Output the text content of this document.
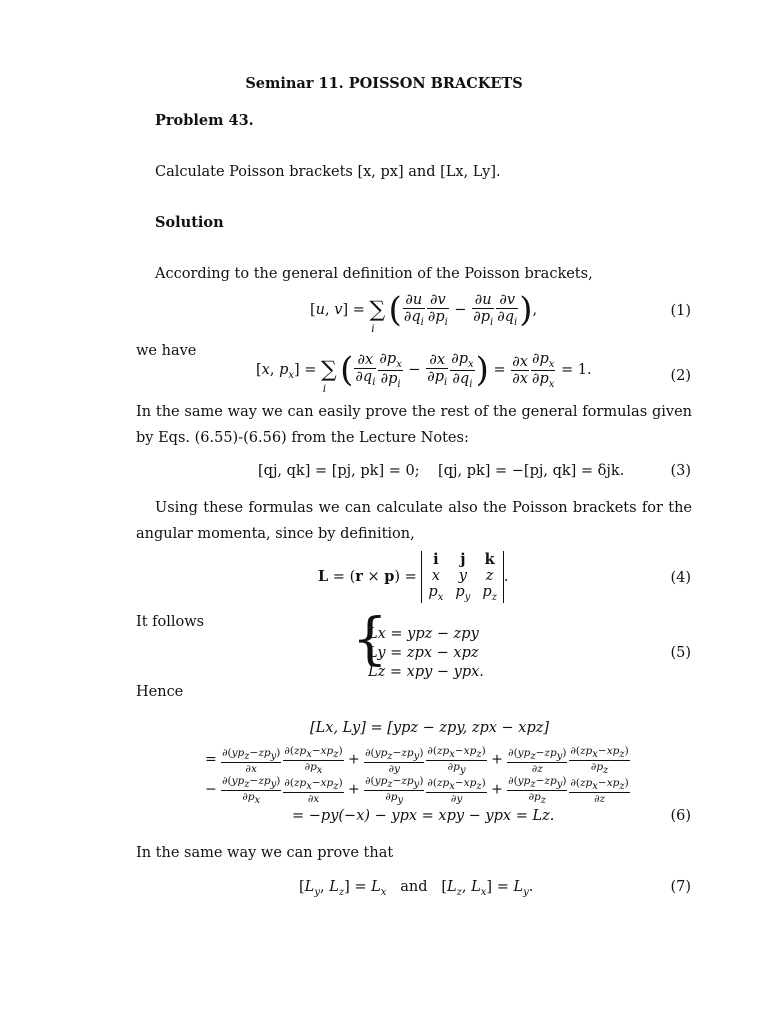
Seminar 11. POISSON BRACKETS
Problem 43.
Calculate Poisson brackets [x, px] and [Lx, Ly].
Solution
According to the general definition of the Poisson brackets,
[u, $v] = \sum_i$ ( $\frac{\partial u}{\partial q_i} \frac{\partial v}{\partial p_i} - \frac{\partial u}{\partial p_i} \frac{\partial v}{\partial q_i}$ ),	(1)
we have
[x, $p_x] = \sum_i$ ( $\frac{\partial x}{\partial q_i} \frac{\partial p_x}{\partial p_i} - \frac{\partial x}{\partial p_i} \frac{\partial p_x}{\partial q_i}$ ) = $\frac{\partial x}{\partial x} \frac{\partial p_x}{\partial p_x} = 1$.	(2)
In the same way we can easily prove the rest of the general formulas given by Eqs. (6.55)-(6.56) from the Lecture Notes:
[qj, qk] = [pj, pk] = 0;    [qj, pk] = −[pj, qk] = δjk.	(3)
Using these formulas we can calculate also the Poisson brackets for the angular momenta, since by definition,
L = (r × p) = i	j	k
x	y	z
$p_x$	$p_y$	$p_z$.	(4)
It follows	{
Lx = ypz − zpy
Ly = zpx − xpz
Lz = xpy − ypx.
(5)
Hence
[Lx, Ly] = [ypz − zpy, zpx − xpz]
= $\frac{\partial(yp_z-zp_y)}{\partial x} \frac{\partial(zp_x-xp_z)}{\partial p_x} + \frac{\partial(yp_z-zp_y)}{\partial y} \frac{\partial(zp_x-xp_z)}{\partial p_y} + \frac{\partial(yp_z-zp_y)}{\partial z} \frac{\partial(zp_x-xp_z)}{\partial p_z}$
− $\frac{\partial(yp_z-zp_y)}{\partial p_x} \frac{\partial(zp_x-xp_z)}{\partial x} + \frac{\partial(yp_z-zp_y)}{\partial p_y} \frac{\partial(zp_x-xp_z)}{\partial y} + \frac{\partial(yp_z-zp_y)}{\partial p_z} \frac{\partial(zp_x-xp_z)}{\partial z}$
= −py(−x) − ypx = xpy − ypx = Lz.	(6)
In the same way we can prove that
[$L_y$, $L_z] = L_x$ and   [$L_z$, $L_x] = L_y$.	(7)
